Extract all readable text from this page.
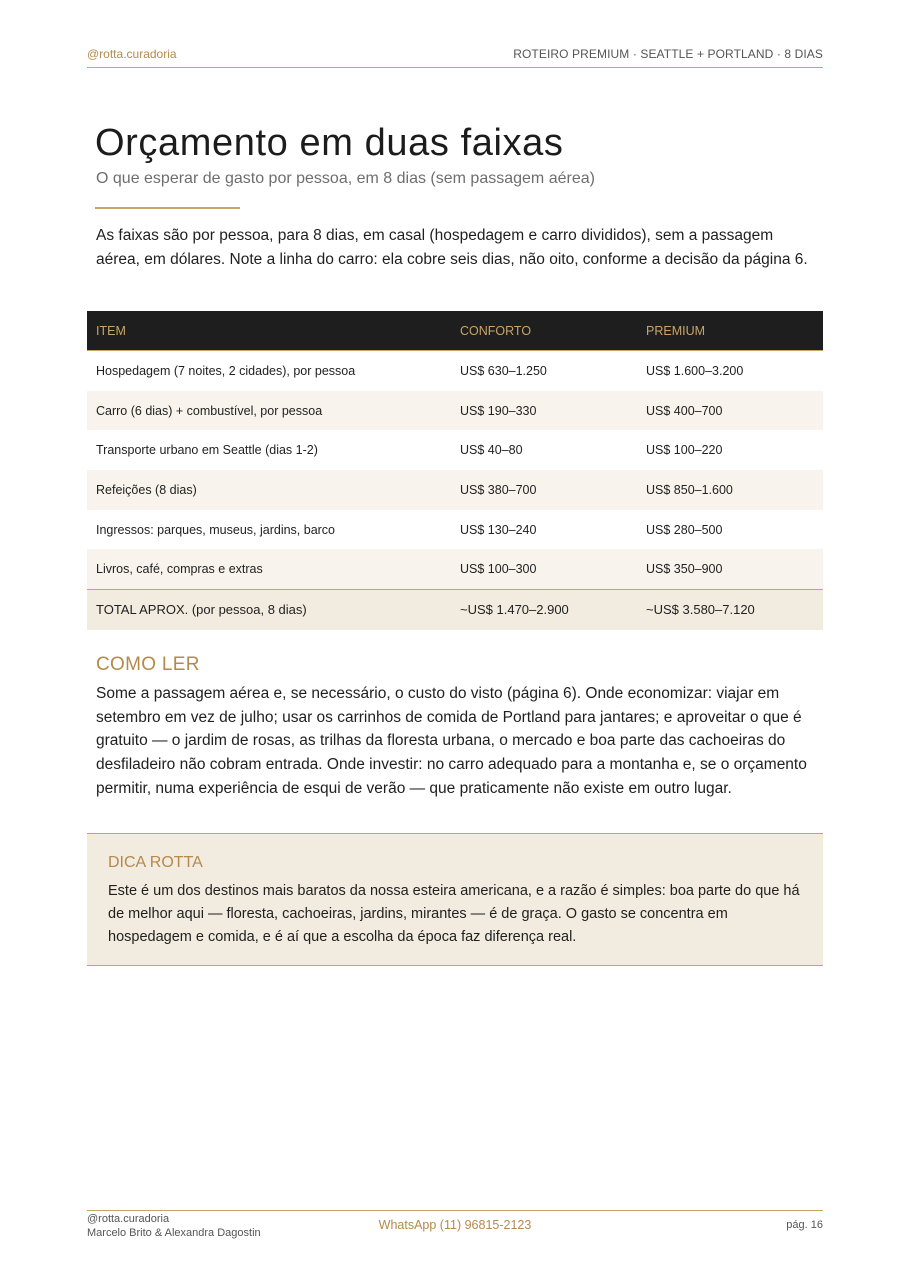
@rotta.curadoria	ROTEIRO PREMIUM · SEATTLE + PORTLAND · 8 DIAS
Orçamento em duas faixas
O que esperar de gasto por pessoa, em 8 dias (sem passagem aérea)

As faixas são por pessoa, para 8 dias, em casal (hospedagem e carro divididos), sem a passagem aérea, em dólares. Note a linha do carro: ela cobre seis dias, não oito, conforme a decisão da página 6.

ITEM	CONFORTO	PREMIUM
Hospedagem (7 noites, 2 cidades), por pessoa	US$ 630–1.250	US$ 1.600–3.200
Carro (6 dias) + combustível, por pessoa	US$ 190–330	US$ 400–700
Transporte urbano em Seattle (dias 1-2)	US$ 40–80	US$ 100–220
Refeições (8 dias)	US$ 380–700	US$ 850–1.600
Ingressos: parques, museus, jardins, barco	US$ 130–240	US$ 280–500
Livros, café, compras e extras	US$ 100–300	US$ 350–900
TOTAL APROX. (por pessoa, 8 dias)	~US$ 1.470–2.900	~US$ 3.580–7.120
COMO LER

Some a passagem aérea e, se necessário, o custo do visto (página 6). Onde economizar: viajar em setembro em vez de julho; usar os carrinhos de comida de Portland para jantares; e aproveitar o que é gratuito — o jardim de rosas, as trilhas da floresta urbana, o mercado e boa parte das cachoeiras do desfiladeiro não cobram entrada. Onde investir: no carro adequado para a montanha e, se o orçamento permitir, numa experiência de esqui de verão — que praticamente não existe em outro lugar.

DICA ROTTA

Este é um dos destinos mais baratos da nossa esteira americana, e a razão é simples: boa parte do que há de melhor aqui — floresta, cachoeiras, jardins, mirantes — é de graça. O gasto se concentra em hospedagem e comida, e é aí que a escolha da época faz diferença real.

@rotta.curadoria
Marcelo Brito & Alexandra Dagostin
WhatsApp (11) 96815-2123	pág. 16
